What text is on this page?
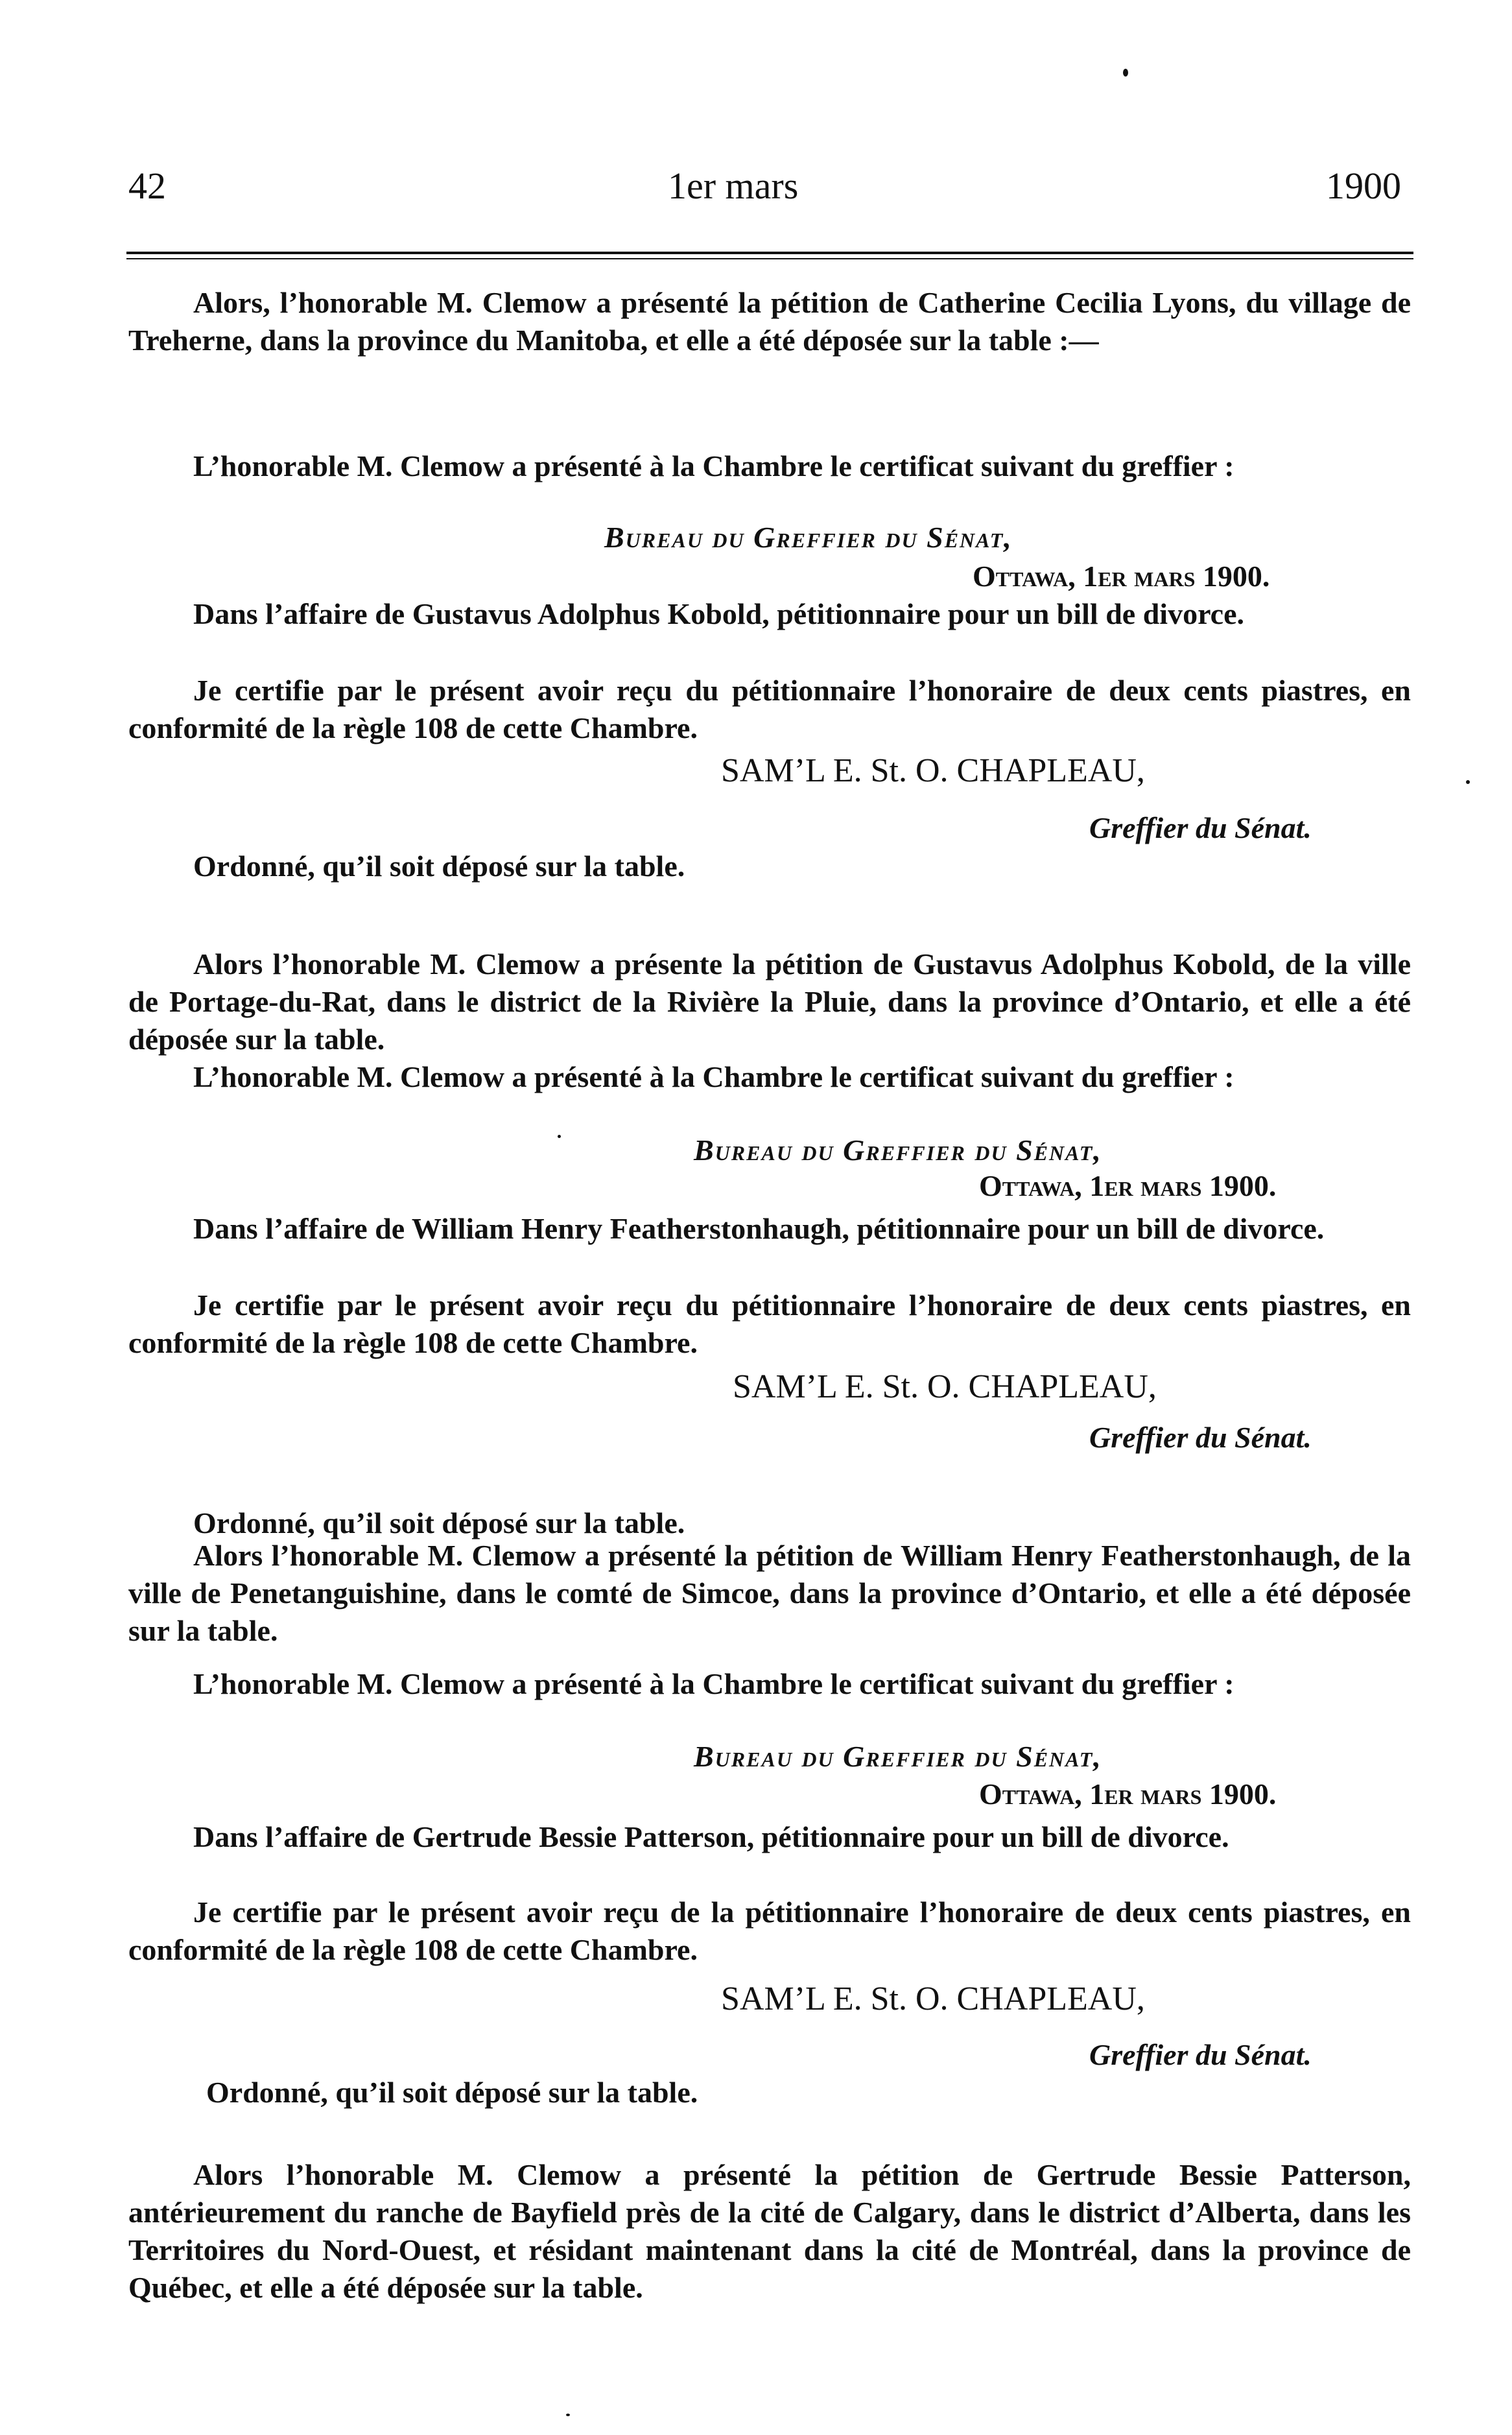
42	1er mars	1900
Alors, l’honorable M. Clemow a présenté la pétition de Catherine Cecilia Lyons, du village de Treherne, dans la province du Manitoba, et elle a été déposée sur la table :—
L’honorable M. Clemow a présenté à la Chambre le certificat suivant du greffier :
Bureau du Greffier du Sénat,
Ottawa, 1er mars 1900.
Dans l’affaire de Gustavus Adolphus Kobold, pétitionnaire pour un bill de divorce.
Je certifie par le présent avoir reçu du pétitionnaire l’honoraire de deux cents piastres, en conformité de la règle 108 de cette Chambre.
SAM’L E. St. O. CHAPLEAU,
Greffier du Sénat.
Ordonné, qu’il soit déposé sur la table.
Alors l’honorable M. Clemow a présente la pétition de Gustavus Adolphus Kobold, de la ville de Portage-du-Rat, dans le district de la Rivière la Pluie, dans la province d’Ontario, et elle a été déposée sur la table.
L’honorable M. Clemow a présenté à la Chambre le certificat suivant du greffier :
Bureau du Greffier du Sénat,
Ottawa, 1er mars 1900.
Dans l’affaire de William Henry Featherstonhaugh, pétitionnaire pour un bill de divorce.
Je certifie par le présent avoir reçu du pétitionnaire l’honoraire de deux cents piastres, en conformité de la règle 108 de cette Chambre.
SAM’L E. St. O. CHAPLEAU,
Greffier du Sénat.
Ordonné, qu’il soit déposé sur la table.
Alors l’honorable M. Clemow a présenté la pétition de William Henry Featherstonhaugh, de la ville de Penetanguishine, dans le comté de Simcoe, dans la province d’Ontario, et elle a été déposée sur la table.
L’honorable M. Clemow a présenté à la Chambre le certificat suivant du greffier :
Bureau du Greffier du Sénat,
Ottawa, 1er mars 1900.
Dans l’affaire de Gertrude Bessie Patterson, pétitionnaire pour un bill de divorce.
Je certifie par le présent avoir reçu de la pétitionnaire l’honoraire de deux cents piastres, en conformité de la règle 108 de cette Chambre.
SAM’L E. St. O. CHAPLEAU,
Greffier du Sénat.
Ordonné, qu’il soit déposé sur la table.
Alors l’honorable M. Clemow a présenté la pétition de Gertrude Bessie Patterson, antérieurement du ranche de Bayfield près de la cité de Calgary, dans le district d’Alberta, dans les Territoires du Nord-Ouest, et résidant maintenant dans la cité de Montréal, dans la province de Québec, et elle a été déposée sur la table.
